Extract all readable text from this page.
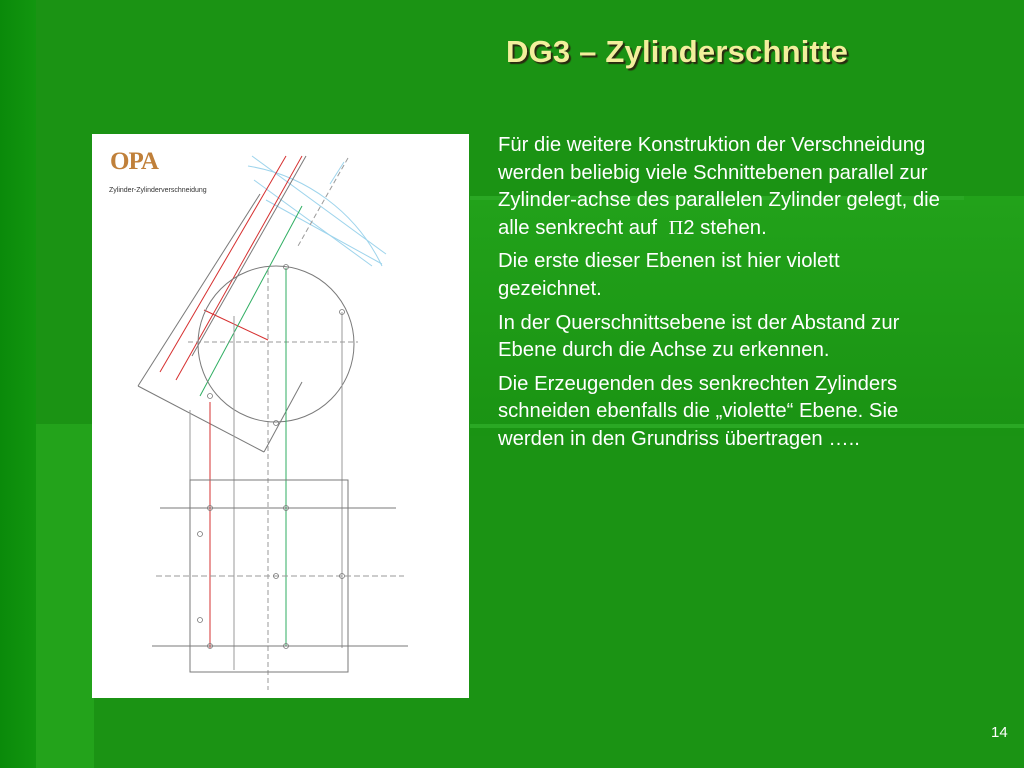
DG3 – Zylinderschnitte
OPA
Zylinder-Zylinderverschneidung

Für die weitere Konstruktion der Verschneidung werden beliebig viele Schnittebenen parallel zur Zylinder-achse des parallelen Zylinder gelegt, die alle senkrecht auf Π2 stehen.

Die erste dieser Ebenen ist hier violett gezeichnet.

In der Querschnittsebene ist der Abstand zur Ebene durch die Achse zu erkennen.

Die Erzeugenden des senkrechten Zylinders schneiden ebenfalls die „violette“ Ebene. Sie werden in den Grundriss übertragen …..

14
